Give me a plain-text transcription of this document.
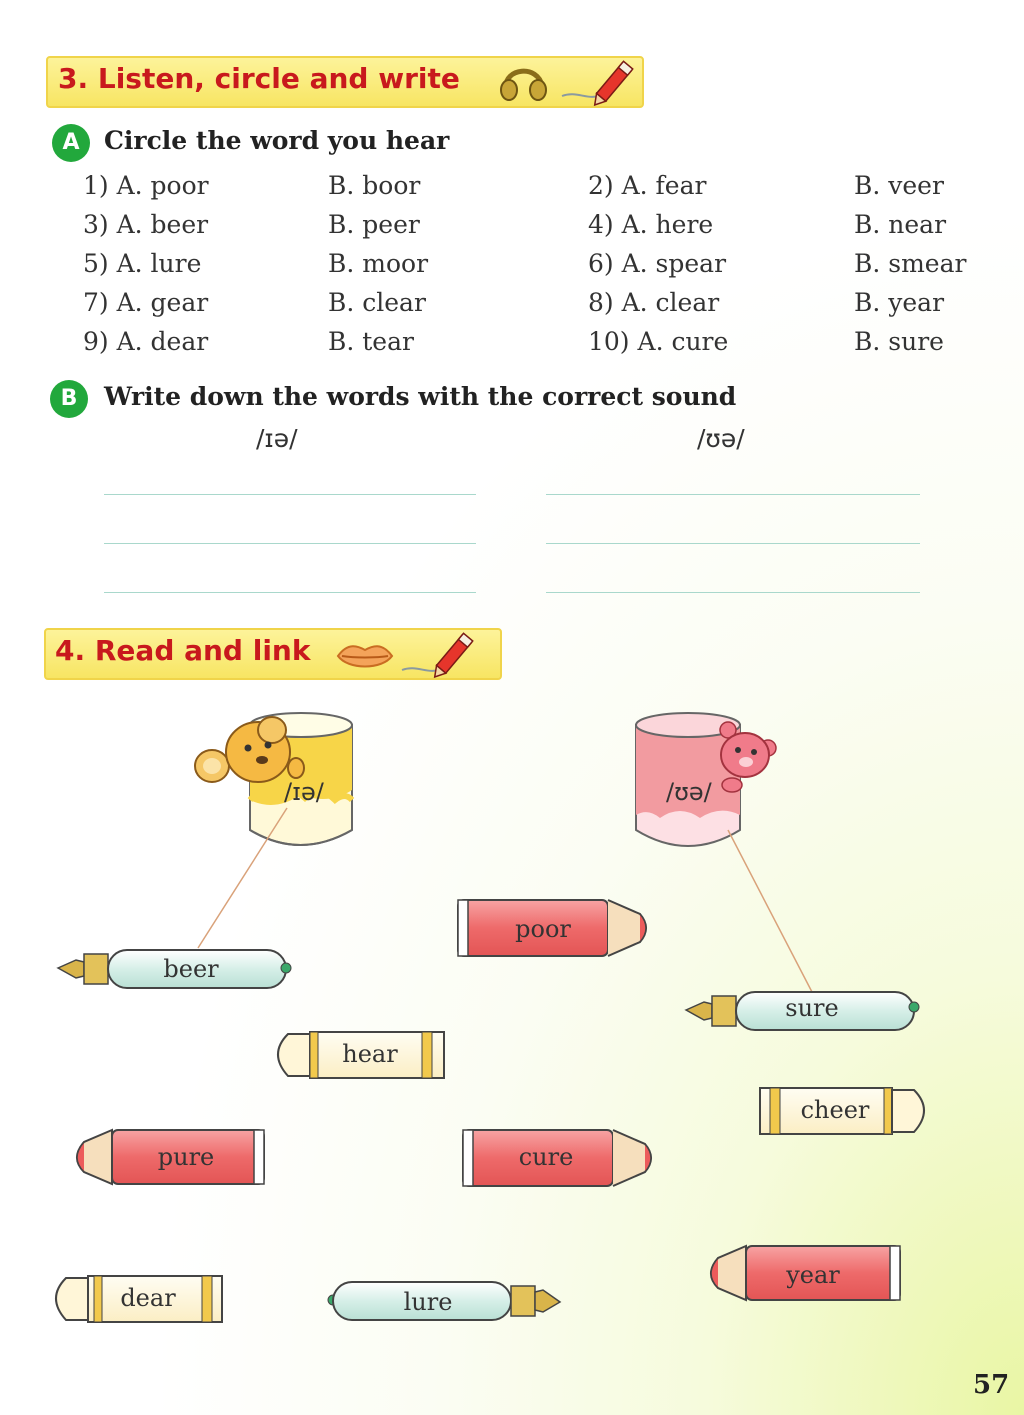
3. Listen, circle and write
A Circle the word you hear
1) A. poor	B. boor	2) A. fear	B. veer
3) A. beer	B. peer	4) A. here	B. near
5) A. lure	B. moor	6) A. spear	B. smear
7) A. gear	B. clear	8) A. clear	B. year
9) A. dear	B. tear	10) A. cure	B. sure
B	Write down the words with the correct sound
/ɪə/	/ʊə/
4. Read and link
/ɪə/	/ʊə/
poor
beer
sure
hear
cheer
pure	cure
year
dear	lure
57
